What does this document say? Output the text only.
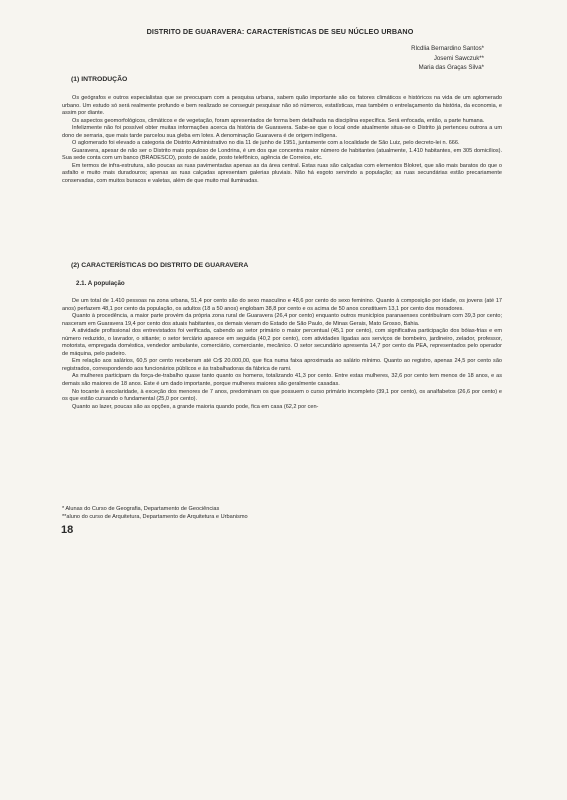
DISTRITO DE GUARAVERA: CARACTERÍSTICAS DE SEU NÚCLEO URBANO
Rlcdlia Bernardino Santos*
Josemi Sawczuk**
Maria das Graças Silva*
(1) INTRODUÇÃO

Os geógrafos e outros especialistas que se preocupam com a pesquisa urbana, sabem quão importante são os fatores climáticos e históricos na vida de um aglomerado urbano. Um estudo só será realmente profundo e bem realizado se conseguir pesquisar não só números, estatísticas, mas também o entrelaçamento da história, da economia, e assim por diante.

Os aspectos geomorfológicos, climáticos e de vegetação, foram apresentados de forma bem detalhada na disciplina específica. Será enfocada, então, a parte humana.

Infelizmente não foi possível obter muitas informações acerca da história de Guaravera. Sabe-se que o local onde atualmente situa-se o Distrito já pertenceu outrora a um dono de serraria, que mais tarde parcelou sua gleba em lotes. A denominação Guaravera é de origem indígena.

O aglomerado foi elevado a categoria de Distrito Administrativo no dia 11 de junho de 1951, juntamente com a localidade de São Luiz, pelo decreto-lei n. 666.

Guaravera, apesar de não ser o Distrito mais populoso de Londrina, é um dos que concentra maior número de habitantes (atualmente, 1.410 habitantes, em 305 domicílios). Sua sede conta com um banco (BRADESCO), posto de saúde, posto telefônico, agência de Correios, etc.

Em termos de infra-estrutura, são poucas as ruas pavimentadas apenas as da área central. Estas ruas são calçadas com elementos Blokret, que são mais baratos do que o asfalto e muito mais duradouros; apenas as ruas calçadas apresentam galerias pluviais. Não há esgoto servindo a população; as ruas secundárias estão precariamente conservadas, com muitos buracos e valetas, além de que muito mal iluminadas.

(2) CARACTERÍSTICAS DO DISTRITO DE GUARAVERA
2.1. A população

De um total de 1.410 pessoas na zona urbana, 51,4 por cento são do sexo masculino e 48,6 por cento do sexo feminino. Quanto à composição por idade, os jovens (até 17 anos) perfazem 48,1 por cento da população, os adultos (18 a 50 anos) englobam 38,8 por cento e os acima de 50 anos constituem 13,1 por cento dos moradores.

Quanto à procedência, a maior parte provém da própria zona rural de Guaravera (26,4 por cento) enquanto outros municípios paranaenses contribuíram com 39,3 por cento; nasceram em Guaravera 19,4 por cento dos atuais habitantes, os demais vieram do Estado de São Paulo, de Minas Gerais, Mato Grosso, Bahia.

A atividade profissional dos entrevistados foi verificada, cabendo ao setor primário o maior percentual (45,1 por cento), com significativa participação dos bóias-frias e em número reduzido, o lavrador, o sitiante; o setor terciário aparece em seguida (40,2 por cento), com atividades ligadas aos serviços de bombeiro, jardineiro, zelador, professor, motorista, empregada doméstica, vendedor ambulante, comerciário, comerciante, mecânico. O setor secundário apresenta 14,7 por cento da PEA, representados pelo operador de máquina, pelo padeiro.

Em relação aos salários, 60,5 por cento receberam até Cr$ 20.000,00, que fica numa faixa aproximada ao salário mínimo. Quanto ao registro, apenas 24,5 por cento são registrados, correspondendo aos funcionários públicos e às trabalhadoras da fábrica de rami.

As mulheres participam da força-de-trabalho quase tanto quanto os homens, totalizando 41,3 por cento. Entre estas mulheres, 32,6 por cento tem menos de 18 anos, e as demais são maiores de 18 anos. Este é um dado importante, porque mulheres maiores são geralmente casadas.

No tocante à escolaridade, à exceção dos menores de 7 anos, predominam os que possuem o curso primário incompleto (39,1 por cento), os analfabetos (26,6 por cento) e os que estão cursando o fundamental (25,0 por cento).

Quanto ao lazer, poucas são as opções, a grande maioria quando pode, fica em casa (62,2 por cen-

* Alunas do Curso de Geografia, Departamento de Geociências
**aluno do curso de Arquitetura, Departamento de Arquitetura e Urbanismo
18
